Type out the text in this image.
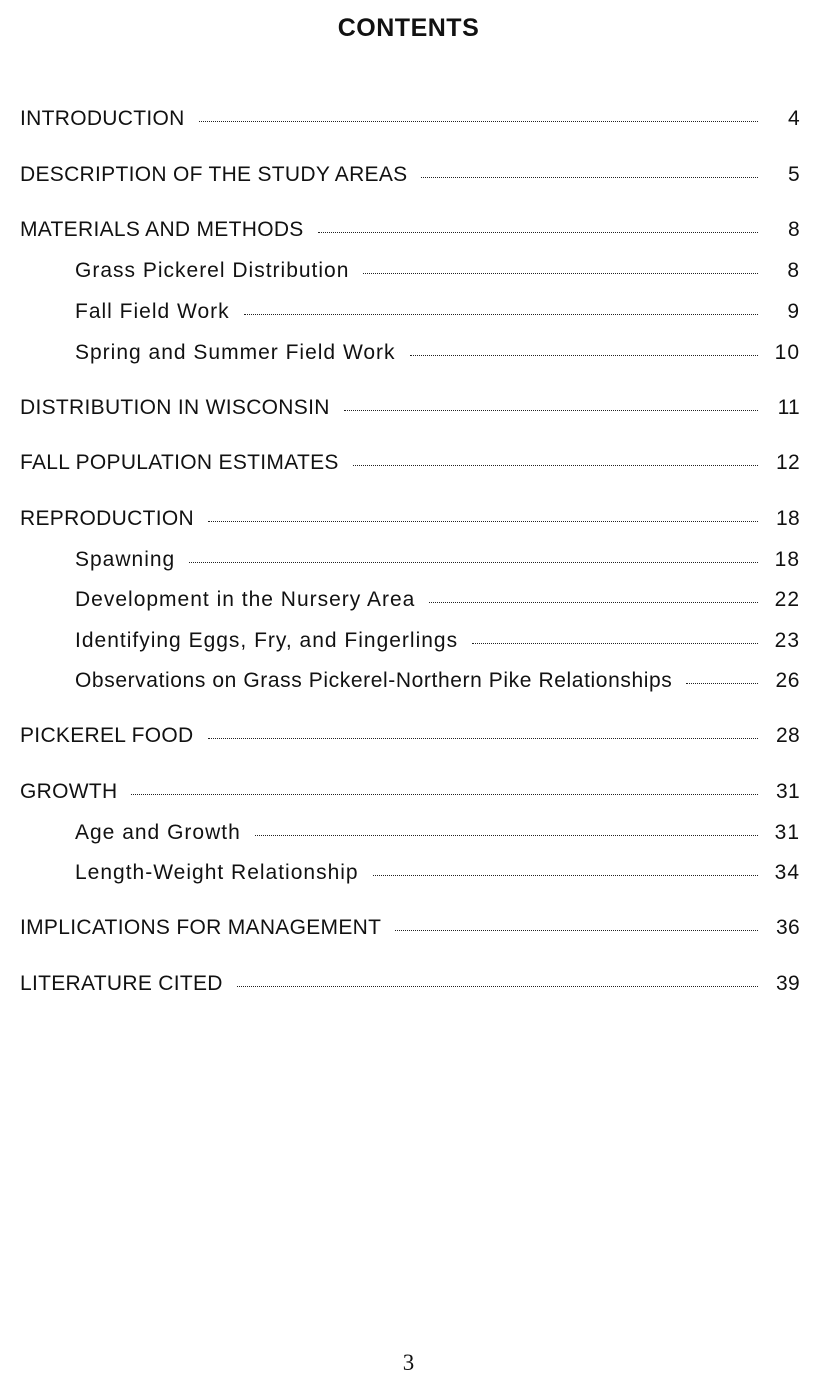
CONTENTS
INTRODUCTION	4
DESCRIPTION OF THE STUDY AREAS	5
MATERIALS AND METHODS	8
Grass Pickerel Distribution	8
Fall Field Work	9
Spring and Summer Field Work	10
DISTRIBUTION IN WISCONSIN	11
FALL POPULATION ESTIMATES	12
REPRODUCTION	18
Spawning	18
Development in the Nursery Area	22
Identifying Eggs, Fry, and Fingerlings	23
Observations on Grass Pickerel-Northern Pike Relationships	26
PICKEREL FOOD	28
GROWTH	31
Age and Growth	31
Length-Weight Relationship	34
IMPLICATIONS FOR MANAGEMENT	36
LITERATURE CITED	39
3
